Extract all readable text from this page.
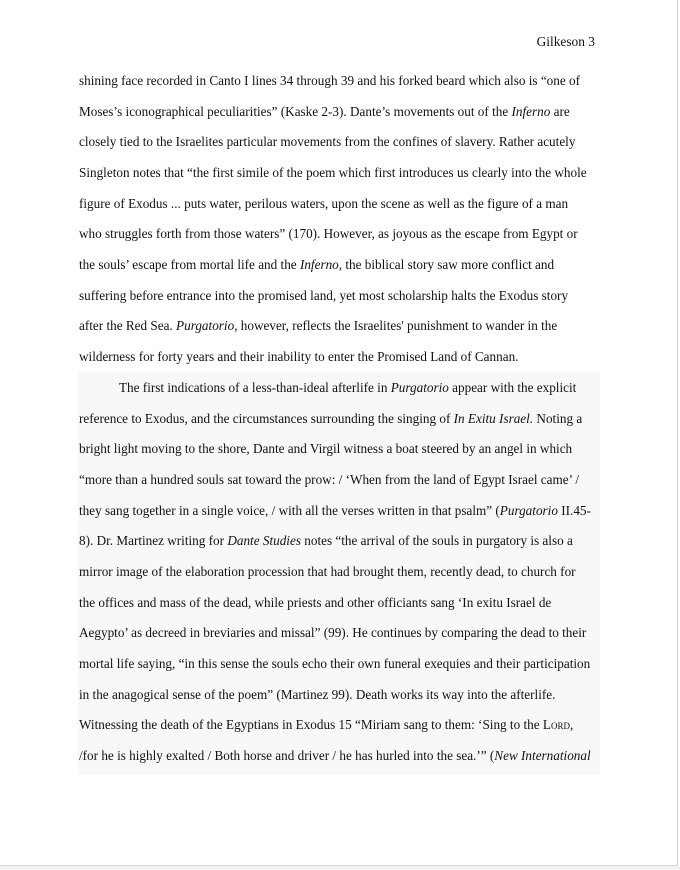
Gilkeson 3
shining face recorded in Canto I lines 34 through 39 and his forked beard which also is “one of
Moses’s iconographical peculiarities” (Kaske 2-3). Dante’s movements out of the Inferno are
closely tied to the Israelites particular movements from the confines of slavery. Rather acutely
Singleton notes that “the first simile of the poem which first introduces us clearly into the whole
figure of Exodus ... puts water, perilous waters, upon the scene as well as the figure of a man
who struggles forth from those waters” (170). However, as joyous as the escape from Egypt or
the souls’ escape from mortal life and the Inferno, the biblical story saw more conflict and
suffering before entrance into the promised land, yet most scholarship halts the Exodus story
after the Red Sea. Purgatorio, however, reflects the Israelites' punishment to wander in the
wilderness for forty years and their inability to enter the Promised Land of Cannan.
The first indications of a less-than-ideal afterlife in Purgatorio appear with the explicit
reference to Exodus, and the circumstances surrounding the singing of In Exitu Israel. Noting a
bright light moving to the shore, Dante and Virgil witness a boat steered by an angel in which
“more than a hundred souls sat toward the prow: / ‘When from the land of Egypt Israel came’ /
they sang together in a single voice, / with all the verses written in that psalm” (Purgatorio II.45-
8). Dr. Martinez writing for Dante Studies notes “the arrival of the souls in purgatory is also a
mirror image of the elaboration procession that had brought them, recently dead, to church for
the offices and mass of the dead, while priests and other officiants sang ‘In exitu Israel de
Aegypto’ as decreed in breviaries and missal” (99). He continues by comparing the dead to their
mortal life saying, “in this sense the souls echo their own funeral exequies and their participation
in the anagogical sense of the poem” (Martinez 99). Death works its way into the afterlife.
Witnessing the death of the Egyptians in Exodus 15 “Miriam sang to them: ‘Sing to the Lord,
/for he is highly exalted / Both horse and driver / he has hurled into the sea.’” (New International
